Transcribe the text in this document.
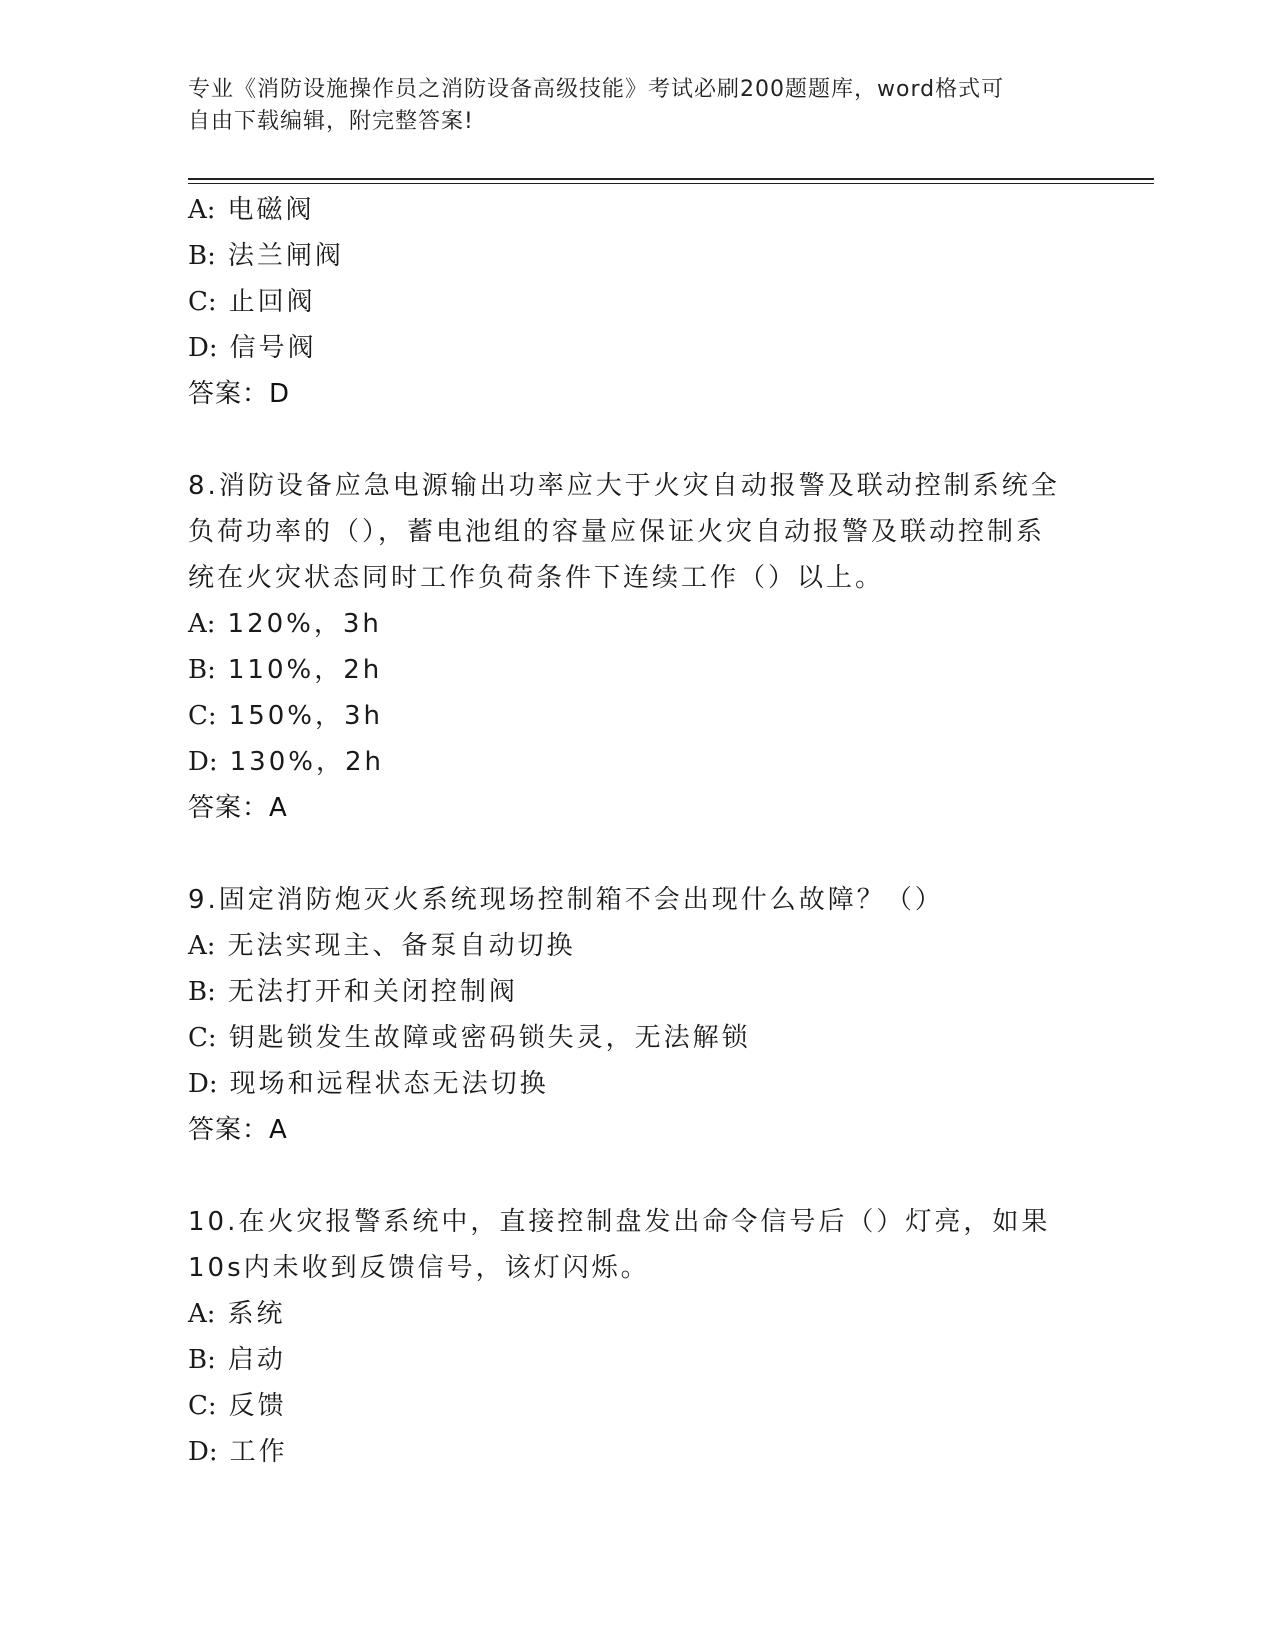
专业《消防设施操作员之消防设备高级技能》考试必刷200题题库，word格式可
自由下载编辑，附完整答案!
A: 电磁阀
B: 法兰闸阀
C: 止回阀
D: 信号阀
答案：D
8.消防设备应急电源输出功率应大于火灾自动报警及联动控制系统全
负荷功率的（），蓄电池组的容量应保证火灾自动报警及联动控制系
统在火灾状态同时工作负荷条件下连续工作（）以上。
A: 120%，3h
B: 110%，2h
C: 150%，3h
D: 130%，2h
答案：A
9.固定消防炮灭火系统现场控制箱不会出现什么故障？（）
A: 无法实现主、备泵自动切换
B: 无法打开和关闭控制阀
C: 钥匙锁发生故障或密码锁失灵，无法解锁
D: 现场和远程状态无法切换
答案：A
10.在火灾报警系统中，直接控制盘发出命令信号后（）灯亮，如果
10s内未收到反馈信号，该灯闪烁。
A: 系统
B: 启动
C: 反馈
D: 工作
